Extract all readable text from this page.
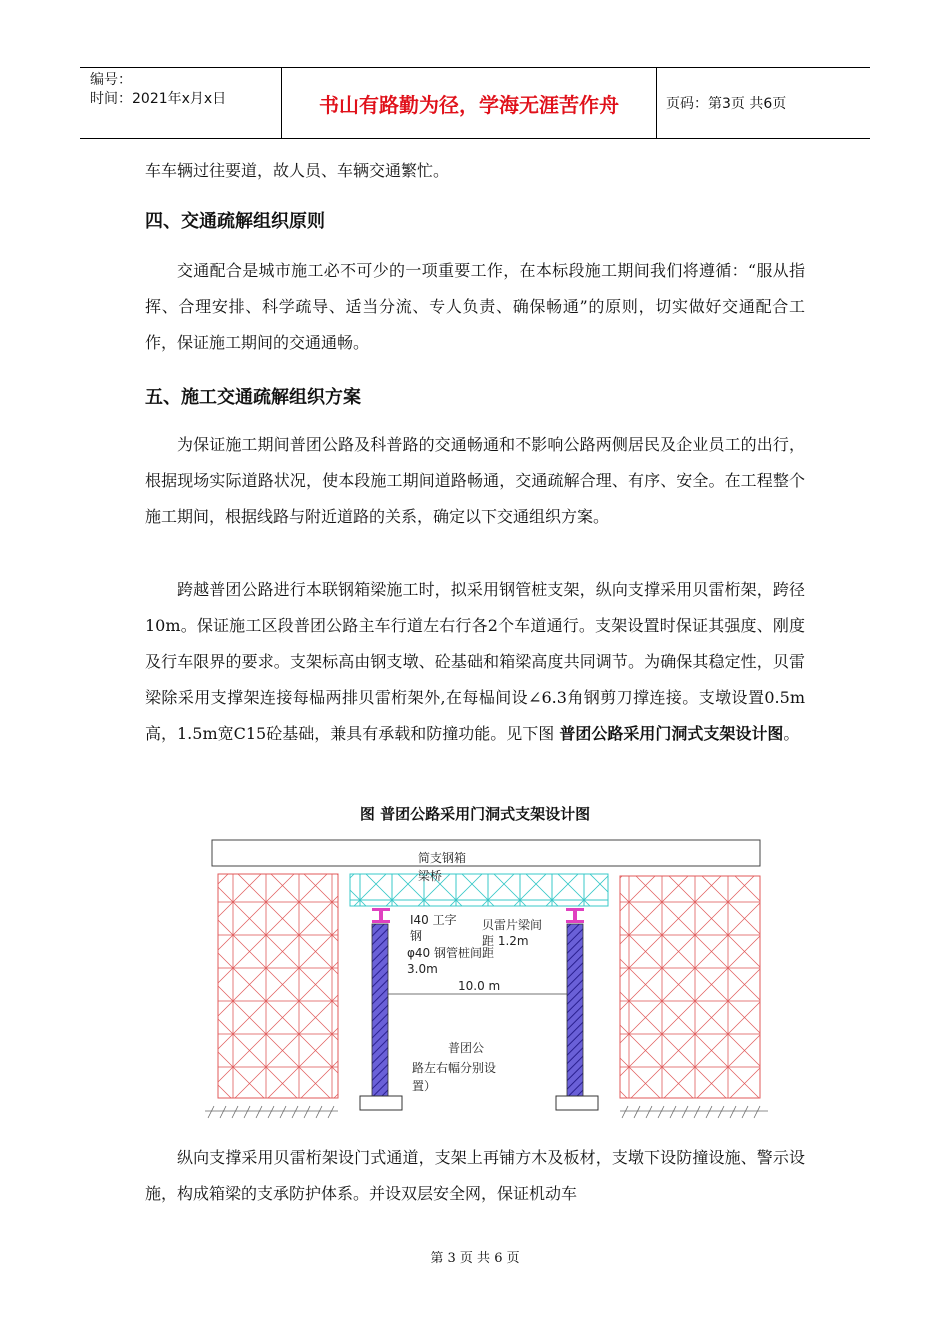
编号：
时间：2021年x月x日	书山有路勤为径，学海无涯苦作舟	页码：第3页 共6页
车车辆过往要道，故人员、车辆交通繁忙。
四、交通疏解组织原则
交通配合是城市施工必不可少的一项重要工作，在本标段施工期间我们将遵循：“服从指挥、合理安排、科学疏导、适当分流、专人负责、确保畅通”的原则，切实做好交通配合工作，保证施工期间的交通通畅。
五、施工交通疏解组织方案
为保证施工期间普团公路及科普路的交通畅通和不影响公路两侧居民及企业员工的出行，根据现场实际道路状况，使本段施工期间道路畅通，交通疏解合理、有序、安全。在工程整个施工期间，根据线路与附近道路的关系，确定以下交通组织方案。
跨越普团公路进行本联钢箱梁施工时，拟采用钢管桩支架，纵向支撑采用贝雷桁架，跨径10m。保证施工区段普团公路主车行道左右行各2个车道通行。支架设置时保证其强度、刚度及行车限界的要求。支架标高由钢支墩、砼基础和箱梁高度共同调节。为确保其稳定性，贝雷梁除采用支撑架连接每榀两排贝雷桁架外,在每榀间设∠6.3角钢剪刀撑连接。支墩设置0.5m高，1.5m宽C15砼基础，兼具有承载和防撞功能。见下图 普团公路采用门洞式支架设计图。
图 普团公路采用门洞式支架设计图
简支钢箱
梁桥
I40 工字
钢
贝雷片梁间
距 1.2m
φ40 钢管桩间距
3.0m
10.0 m
普团公
路左右幅分别设
置）
纵向支撑采用贝雷桁架设门式通道，支架上再铺方木及板材，支墩下设防撞设施、警示设施，构成箱梁的支承防护体系。并设双层安全网，保证机动车
第 3 页 共 6 页
